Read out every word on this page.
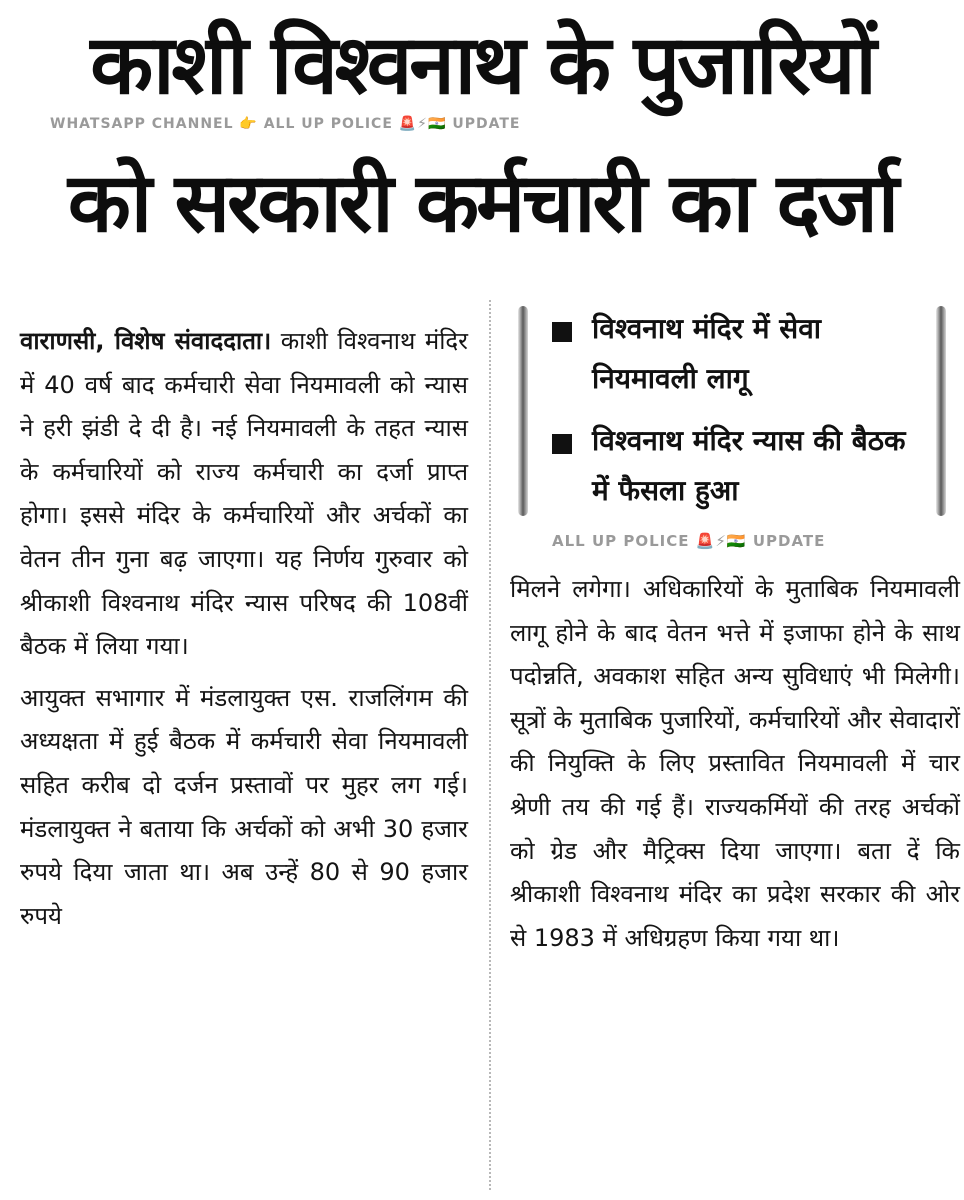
काशी विश्वनाथ के पुजारियों
WHATSAPP CHANNEL 👉 ALL UP POLICE 🚨⚡🇮🇳 UPDATE
को सरकारी कर्मचारी का दर्जा

वाराणसी, विशेष संवाददाता। काशी विश्वनाथ मंदिर में 40 वर्ष बाद कर्मचारी सेवा नियमावली को न्यास ने हरी झंडी दे दी है। नई नियमावली के तहत न्यास के कर्मचारियों को राज्य कर्मचारी का दर्जा प्राप्त होगा। इससे मंदिर के कर्मचारियों और अर्चकों का वेतन तीन गुना बढ़ जाएगा। यह निर्णय गुरुवार को श्रीकाशी विश्वनाथ मंदिर न्यास परिषद की 108वीं बैठक में लिया गया।

आयुक्त सभागार में मंडलायुक्त एस. राजलिंगम की अध्यक्षता में हुई बैठक में कर्मचारी सेवा नियमावली सहित करीब दो दर्जन प्रस्तावों पर मुहर लग गई। मंडलायुक्त ने बताया कि अर्चकों को अभी 30 हजार रुपये दिया जाता था। अब उन्हें 80 से 90 हजार रुपये

विश्वनाथ मंदिर में सेवा नियमावली लागू
विश्वनाथ मंदिर न्यास की बैठक में फैसला हुआ
ALL UP POLICE 🚨⚡🇮🇳 UPDATE

मिलने लगेगा। अधिकारियों के मुताबिक नियमावली लागू होने के बाद वेतन भत्ते में इजाफा होने के साथ पदोन्नति, अवकाश सहित अन्य सुविधाएं भी मिलेगी। सूत्रों के मुताबिक पुजारियों, कर्मचारियों और सेवादारों की नियुक्ति के लिए प्रस्तावित नियमावली में चार श्रेणी तय की गई हैं। राज्यकर्मियों की तरह अर्चकों को ग्रेड और मैट्रिक्स दिया जाएगा। बता दें कि श्रीकाशी विश्वनाथ मंदिर का प्रदेश सरकार की ओर से 1983 में अधिग्रहण किया गया था।
